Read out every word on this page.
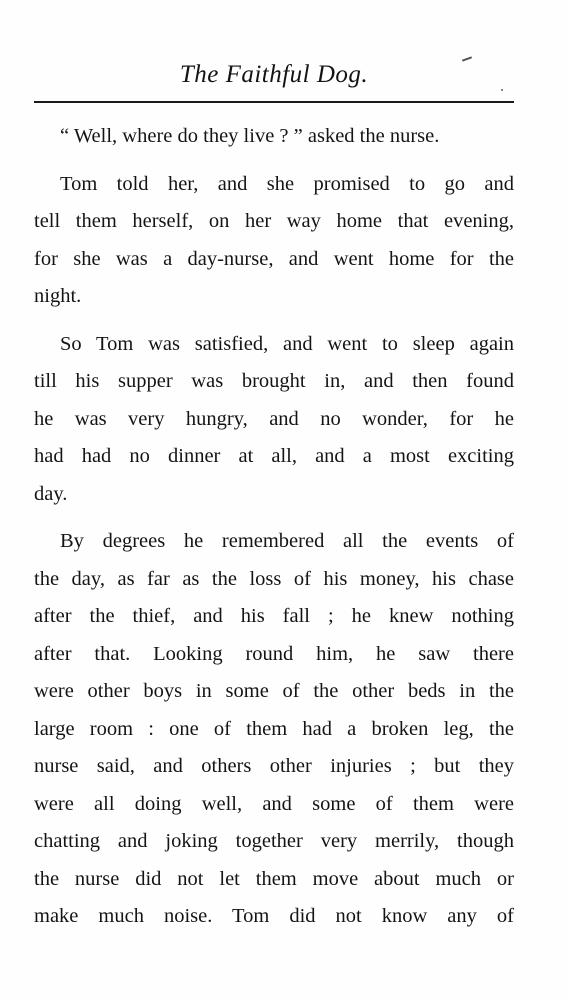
The Faithful Dog.
“ Well, where do they live ? ” asked the nurse.
Tom told her, and she promised to go and
tell them herself, on her way home that evening,
for she was a day-nurse, and went home for the
night.
So Tom was satisfied, and went to sleep again
till his supper was brought in, and then found
he was very hungry, and no wonder, for he
had had no dinner at all, and a most exciting
day.
By degrees he remembered all the events of
the day, as far as the loss of his money, his chase
after the thief, and his fall ; he knew nothing
after that. Looking round him, he saw there
were other boys in some of the other beds in the
large room : one of them had a broken leg, the
nurse said, and others other injuries ; but they
were all doing well, and some of them were
chatting and joking together very merrily, though
the nurse did not let them move about much or
make much noise. Tom did not know any of
